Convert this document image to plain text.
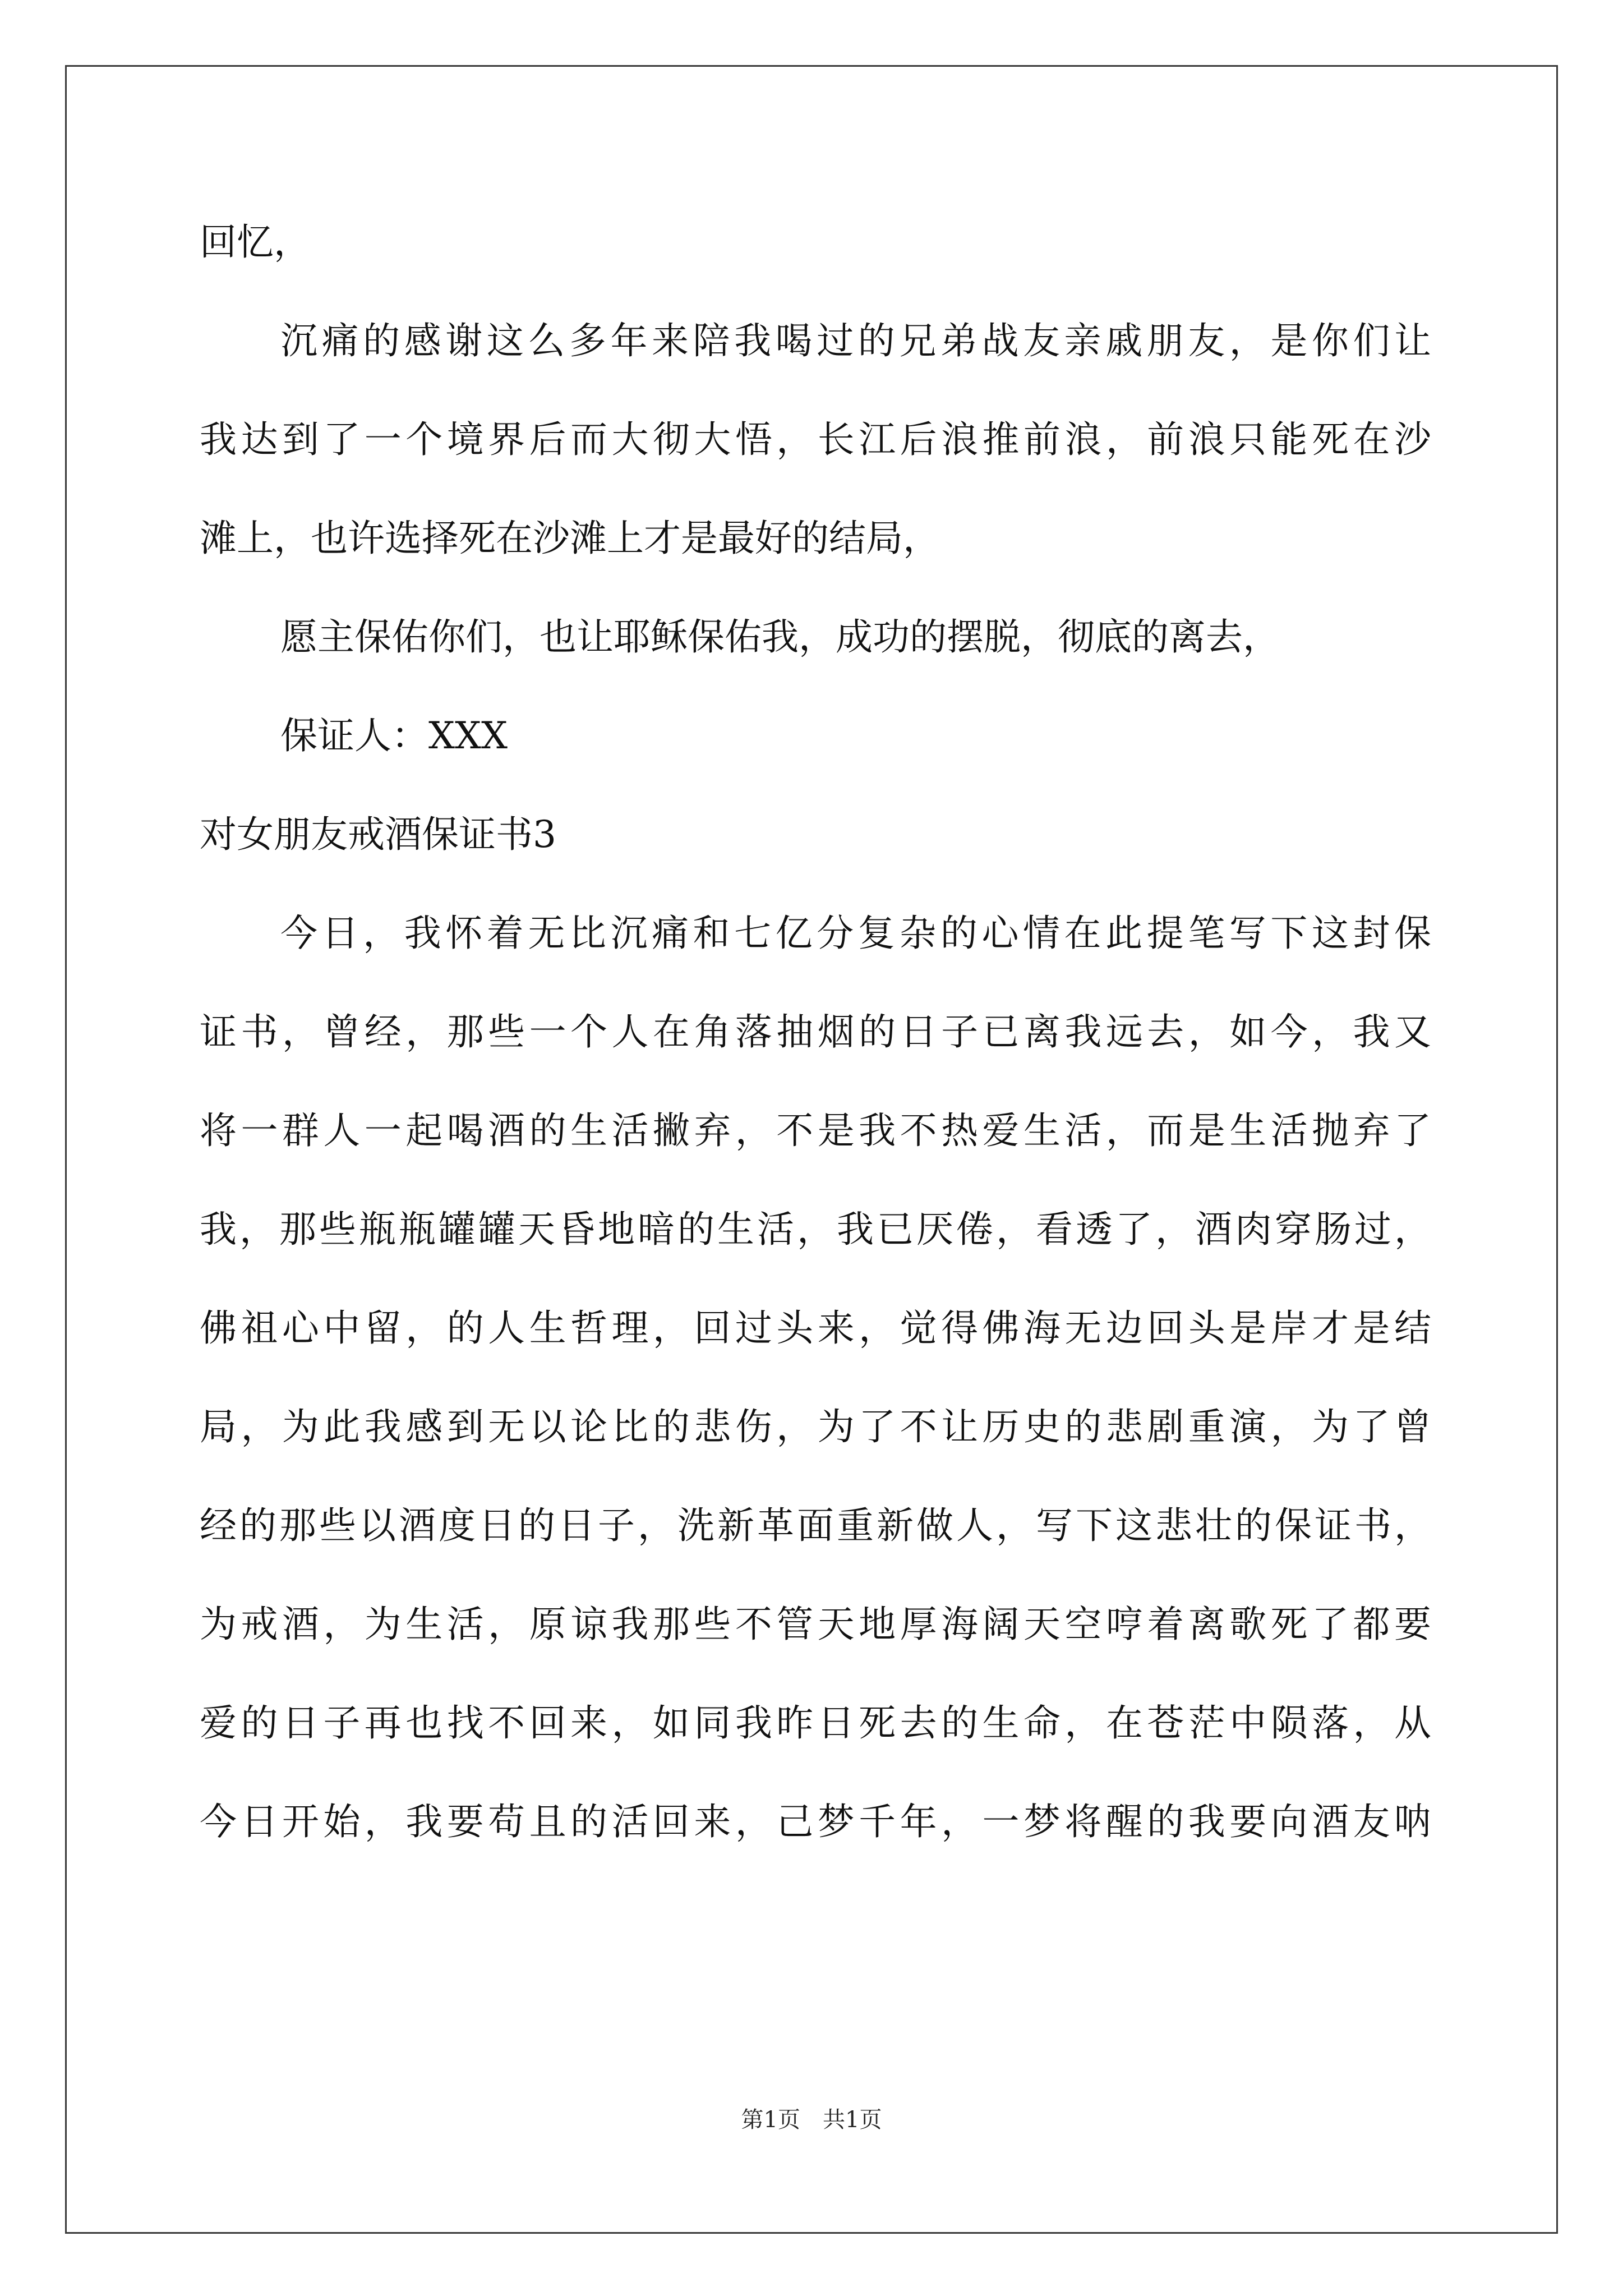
回忆，
沉痛的感谢这么多年来陪我喝过的兄弟战友亲戚朋友，是你们让
我达到了一个境界后而大彻大悟，长江后浪推前浪，前浪只能死在沙
滩上，也许选择死在沙滩上才是最好的结局，
愿主保佑你们，也让耶稣保佑我，成功的摆脱，彻底的离去，
保证人：XXX
对女朋友戒酒保证书3
今日，我怀着无比沉痛和七亿分复杂的心情在此提笔写下这封保
证书，曾经，那些一个人在角落抽烟的日子已离我远去，如今，我又
将一群人一起喝酒的生活撇弃，不是我不热爱生活，而是生活抛弃了
我，那些瓶瓶罐罐天昏地暗的生活，我已厌倦，看透了，酒肉穿肠过，
佛祖心中留，的人生哲理，回过头来，觉得佛海无边回头是岸才是结
局，为此我感到无以论比的悲伤，为了不让历史的悲剧重演，为了曾
经的那些以酒度日的日子，洗新革面重新做人，写下这悲壮的保证书，
为戒酒，为生活，原谅我那些不管天地厚海阔天空哼着离歌死了都要
爱的日子再也找不回来，如同我昨日死去的生命，在苍茫中陨落，从
今日开始，我要苟且的活回来，己梦千年，一梦将醒的我要向酒友呐
第1页　共1页
